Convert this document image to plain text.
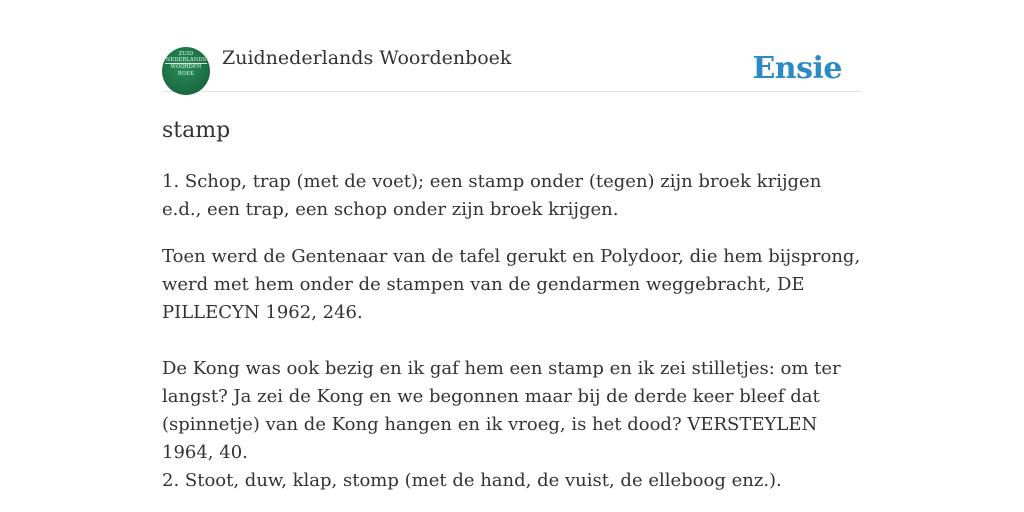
ZUID
NEDERLANDS
WOORDEN
BOEK
Zuidnederlands Woordenboek	Ensie
stamp

1. Schop, trap (met de voet); een stamp onder (tegen) zijn broek krijgen e.d., een trap, een schop onder zijn broek krijgen.

Toen werd de Gentenaar van de tafel gerukt en Polydoor, die hem bijsprong, werd met hem onder de stampen van de gendarmen weggebracht, DE PILLECYN 1962, 246.

De Kong was ook bezig en ik gaf hem een stamp en ik zei stilletjes: om ter langst? Ja zei de Kong en we begonnen maar bij de derde keer bleef dat (spinnetje) van de Kong hangen en ik vroeg, is het dood? VERSTEYLEN 1964, 40.

2. Stoot, duw, klap, stomp (met de hand, de vuist, de elleboog enz.).
